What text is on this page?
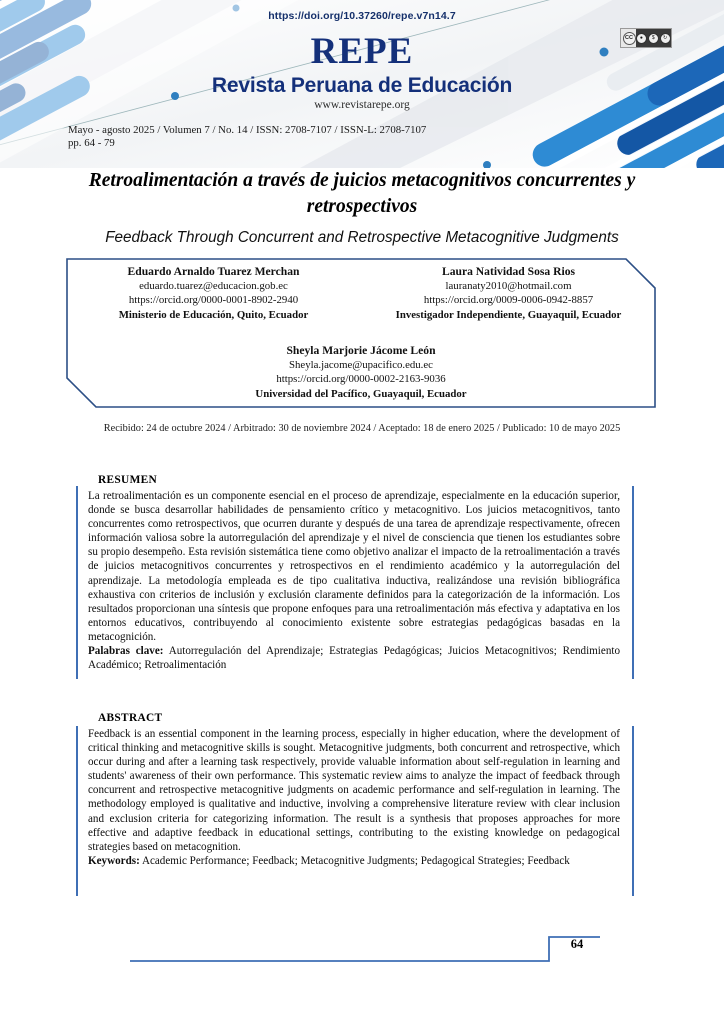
https://doi.org/10.37260/repe.v7n14.7
REPE
Revista Peruana de Educación
www.revistarepe.org
CC	●	$	↻
Mayo - agosto 2025 / Volumen 7 / No. 14 / ISSN: 2708-7107 / ISSN-L: 2708-7107
pp. 64 - 79
Retroalimentación a través de juicios metacognitivos concurrentes y retrospectivos
Feedback Through Concurrent and Retrospective Metacognitive Judgments
Eduardo Arnaldo Tuarez Merchan
eduardo.tuarez@educacion.gob.ec
https://orcid.org/0000-0001-8902-2940
Ministerio de Educación, Quito, Ecuador
Laura Natividad Sosa Rios
lauranaty2010@hotmail.com
https://orcid.org/0009-0006-0942-8857
Investigador Independiente, Guayaquil, Ecuador
Sheyla Marjorie Jácome León
Sheyla.jacome@upacifico.edu.ec
https://orcid.org/0000-0002-2163-9036
Universidad del Pacífico, Guayaquil, Ecuador
Recibido: 24 de octubre 2024 / Arbitrado: 30 de noviembre 2024 / Aceptado: 18 de enero 2025 / Publicado: 10 de mayo 2025
RESUMEN

La retroalimentación es un componente esencial en el proceso de aprendizaje, especialmente en la educación superior, donde se busca desarrollar habilidades de pensamiento crítico y metacognitivo. Los juicios metacognitivos, tanto concurrentes como retrospectivos, que ocurren durante y después de una tarea de aprendizaje respectivamente, ofrecen información valiosa sobre la autorregulación del aprendizaje y el nivel de consciencia que tienen los estudiantes sobre su propio desempeño. Esta revisión sistemática tiene como objetivo analizar el impacto de la retroalimentación a través de juicios metacognitivos concurrentes y retrospectivos en el rendimiento académico y la autorregulación del aprendizaje. La metodología empleada es de tipo cualitativa inductiva, realizándose una revisión bibliográfica exhaustiva con criterios de inclusión y exclusión claramente definidos para la categorización de la información. Los resultados proporcionan una síntesis que propone enfoques para una retroalimentación más efectiva y adaptativa en los entornos educativos, contribuyendo al conocimiento existente sobre estrategias pedagógicas basadas en la metacognición.

Palabras clave: Autorregulación del Aprendizaje; Estrategias Pedagógicas; Juicios Metacognitivos; Rendimiento Académico; Retroalimentación

ABSTRACT

Feedback is an essential component in the learning process, especially in higher education, where the development of critical thinking and metacognitive skills is sought. Metacognitive judgments, both concurrent and retrospective, which occur during and after a learning task respectively, provide valuable information about self-regulation in learning and students' awareness of their own performance. This systematic review aims to analyze the impact of feedback through concurrent and retrospective metacognitive judgments on academic performance and self-regulation in learning. The methodology employed is qualitative and inductive, involving a comprehensive literature review with clear inclusion and exclusion criteria for categorizing information. The result is a synthesis that proposes approaches for more effective and adaptive feedback in educational settings, contributing to the existing knowledge on pedagogical strategies based on metacognition.

Keywords: Academic Performance; Feedback; Metacognitive Judgments; Pedagogical Strategies; Feedback

64
